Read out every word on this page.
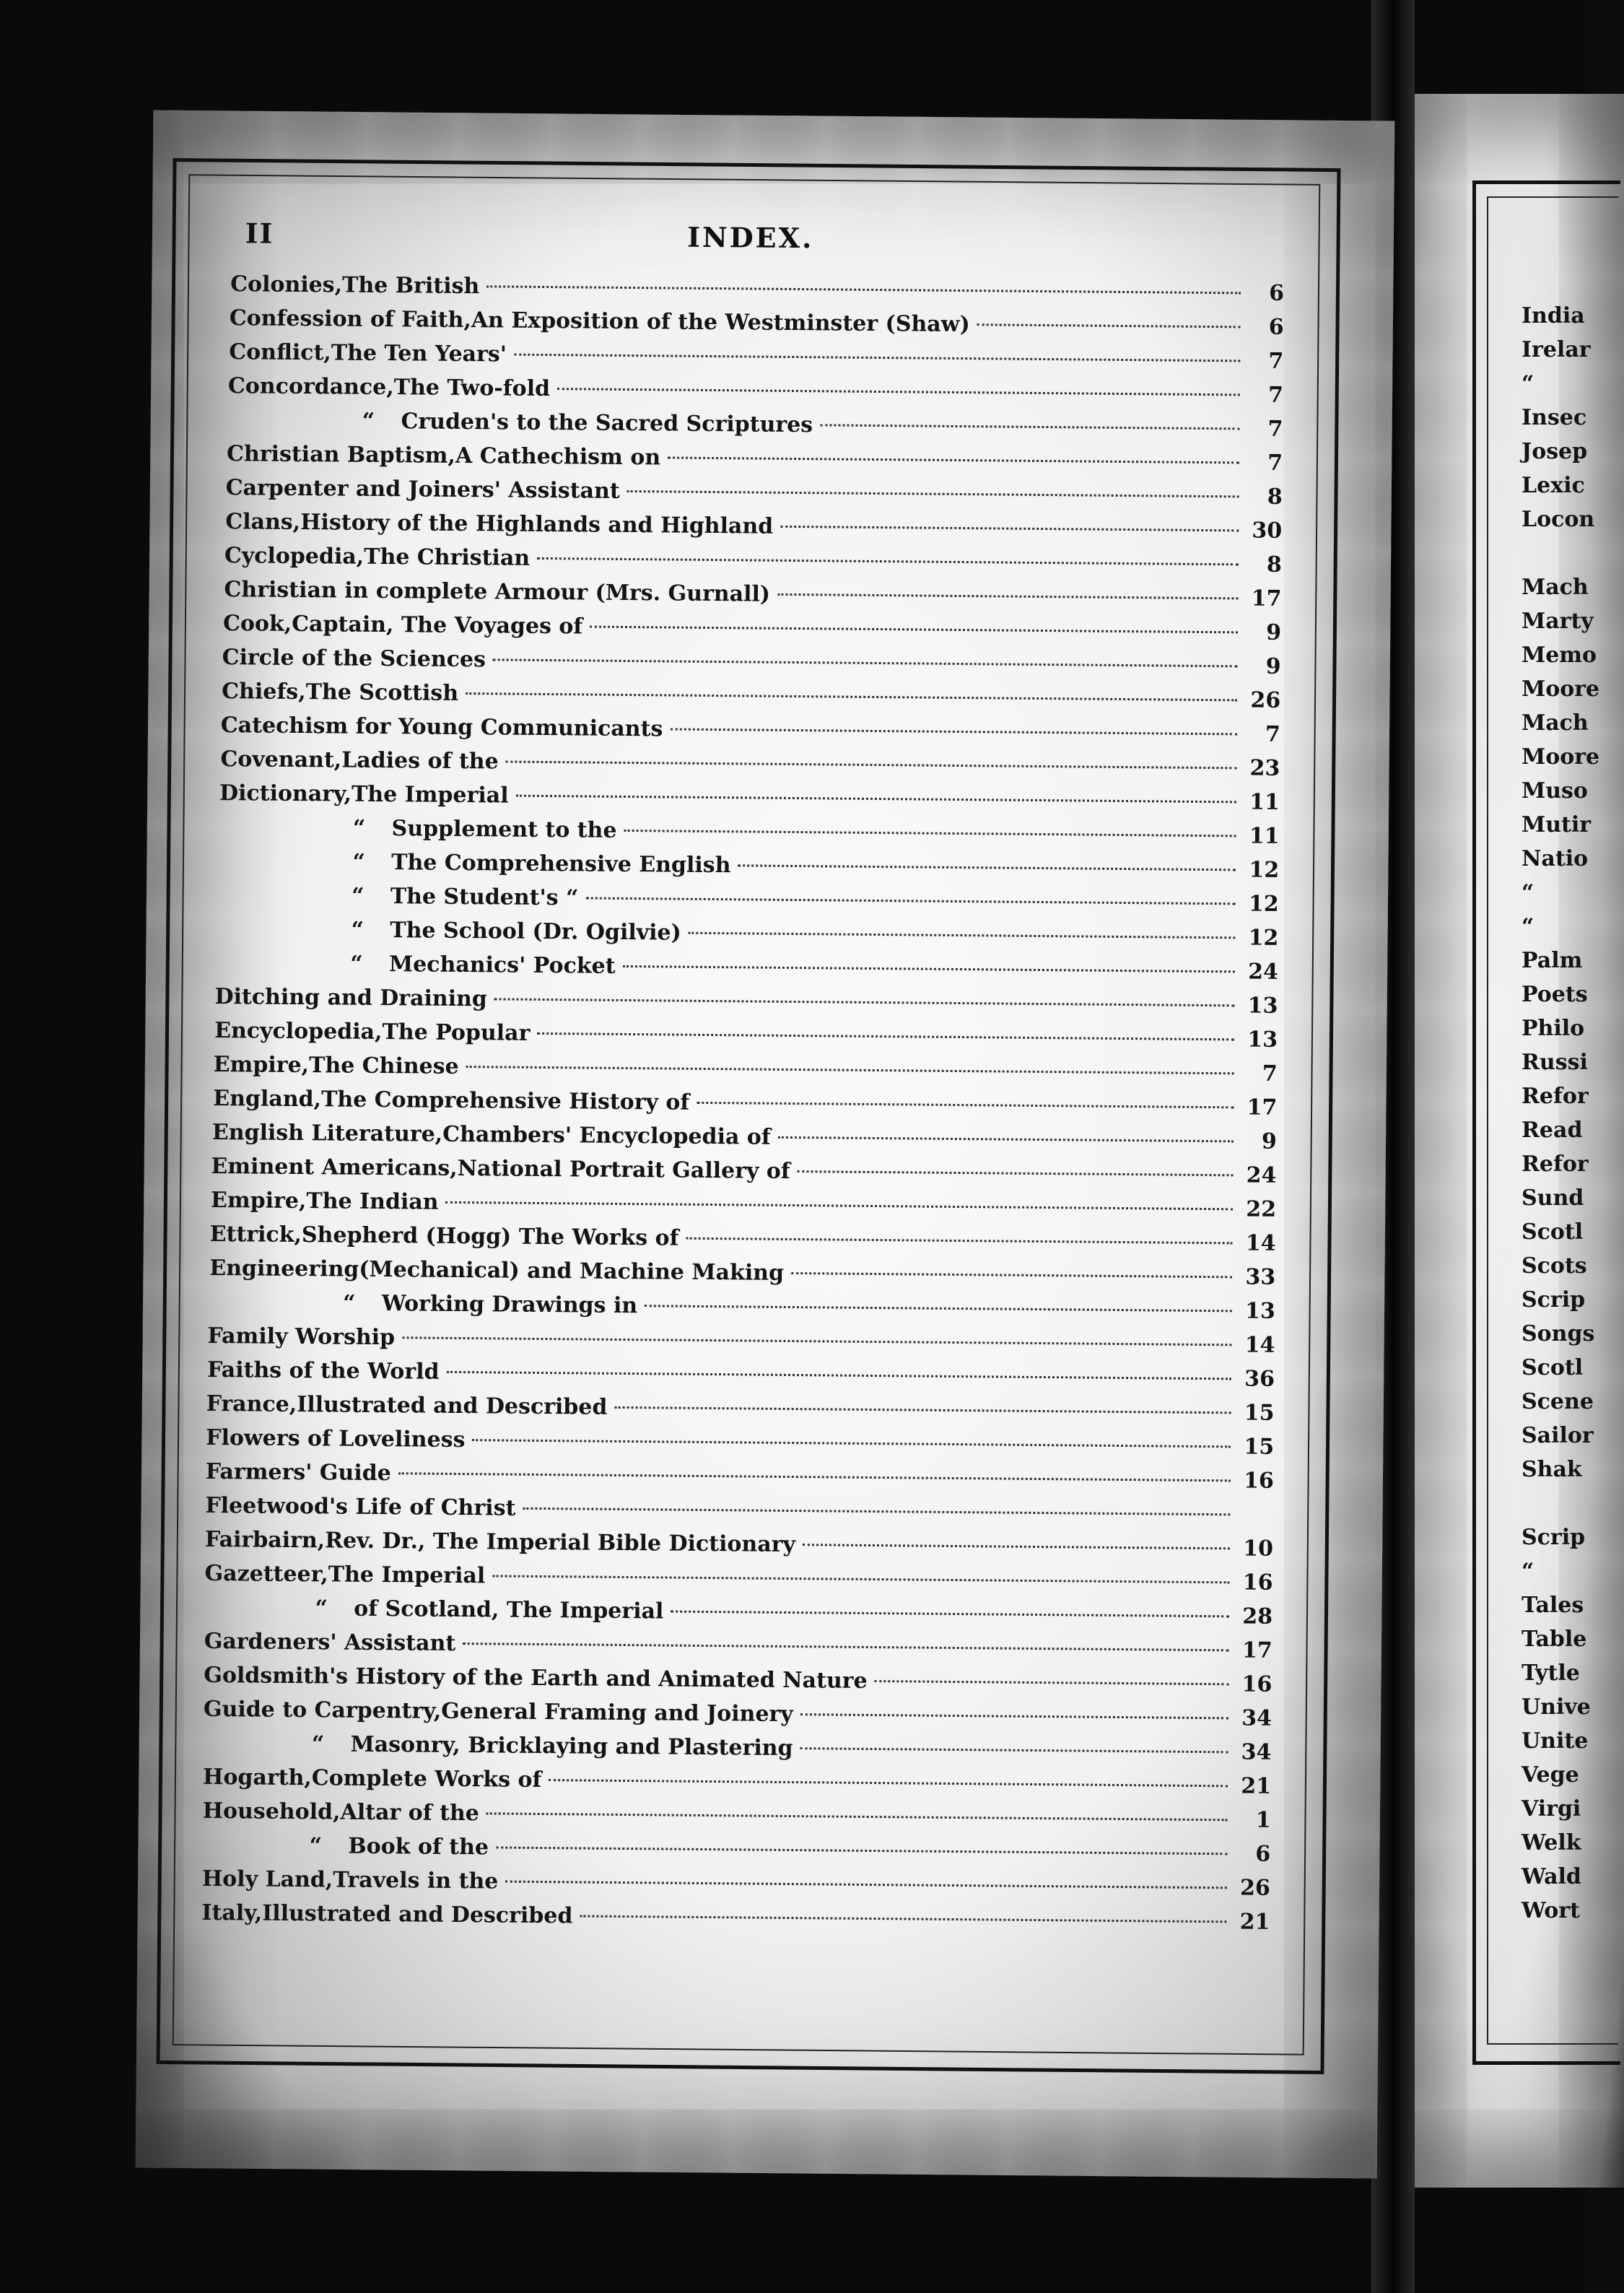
II	INDEX.
Colonies, The British	6
Confession of Faith, An Exposition of the Westminster (Shaw)	6
Conflict, The Ten Years'	7
Concordance, The Two-fold	7
“	Cruden's to the Sacred Scriptures	7
Christian Baptism, A Cathechism on	7
Carpenter and Joiners' Assistant	8
Clans, History of the Highlands and Highland	30
Cyclopedia, The Christian	8
Christian in complete Armour (Mrs. Gurnall)	17
Cook, Captain, The Voyages of	9
Circle of the Sciences	9
Chiefs, The Scottish	26
Catechism for Young Communicants	7
Covenant, Ladies of the	23
Dictionary, The Imperial	11
“	Supplement to the	11
“	The Comprehensive English	12
“	The Student's “	12
“	The School (Dr. Ogilvie)	12
“	Mechanics' Pocket	24
Ditching and Draining	13
Encyclopedia, The Popular	13
Empire, The Chinese	7
England, The Comprehensive History of	17
English Literature, Chambers' Encyclopedia of	9
Eminent Americans, National Portrait Gallery of	24
Empire, The Indian	22
Ettrick, Shepherd (Hogg) The Works of	14
Engineering (Mechanical) and Machine Making	33
“	Working Drawings in	13
Family Worship	14
Faiths of the World	36
France, Illustrated and Described	15
Flowers of Loveliness	15
Farmers' Guide	16
Fleetwood's Life of Christ
Fairbairn, Rev. Dr., The Imperial Bible Dictionary	10
Gazetteer, The Imperial	16
“	of Scotland, The Imperial	28
Gardeners' Assistant	17
Goldsmith's History of the Earth and Animated Nature	16
Guide to Carpentry, General Framing and Joinery	34
“	Masonry, Bricklaying and Plastering	34
Hogarth, Complete Works of	21
Household, Altar of the	1
“	Book of the	6
Holy Land, Travels in the	26
Italy, Illustrated and Described	21
India
Irelar
“
Insec
Josep
Lexic
Locon
Mach
Marty
Memo
Moore
Mach
Moore
Muso
Mutir
Natio
“
“
Palm
Poets
Philo
Russi
Refor
Read
Refor
Sund
Scotl
Scots
Scrip
Songs
Scotl
Scene
Sailor
Shak
Scrip
“
Tales
Table
Tytle
Unive
Unite
Vege
Virgi
Welk
Wald
Wort
